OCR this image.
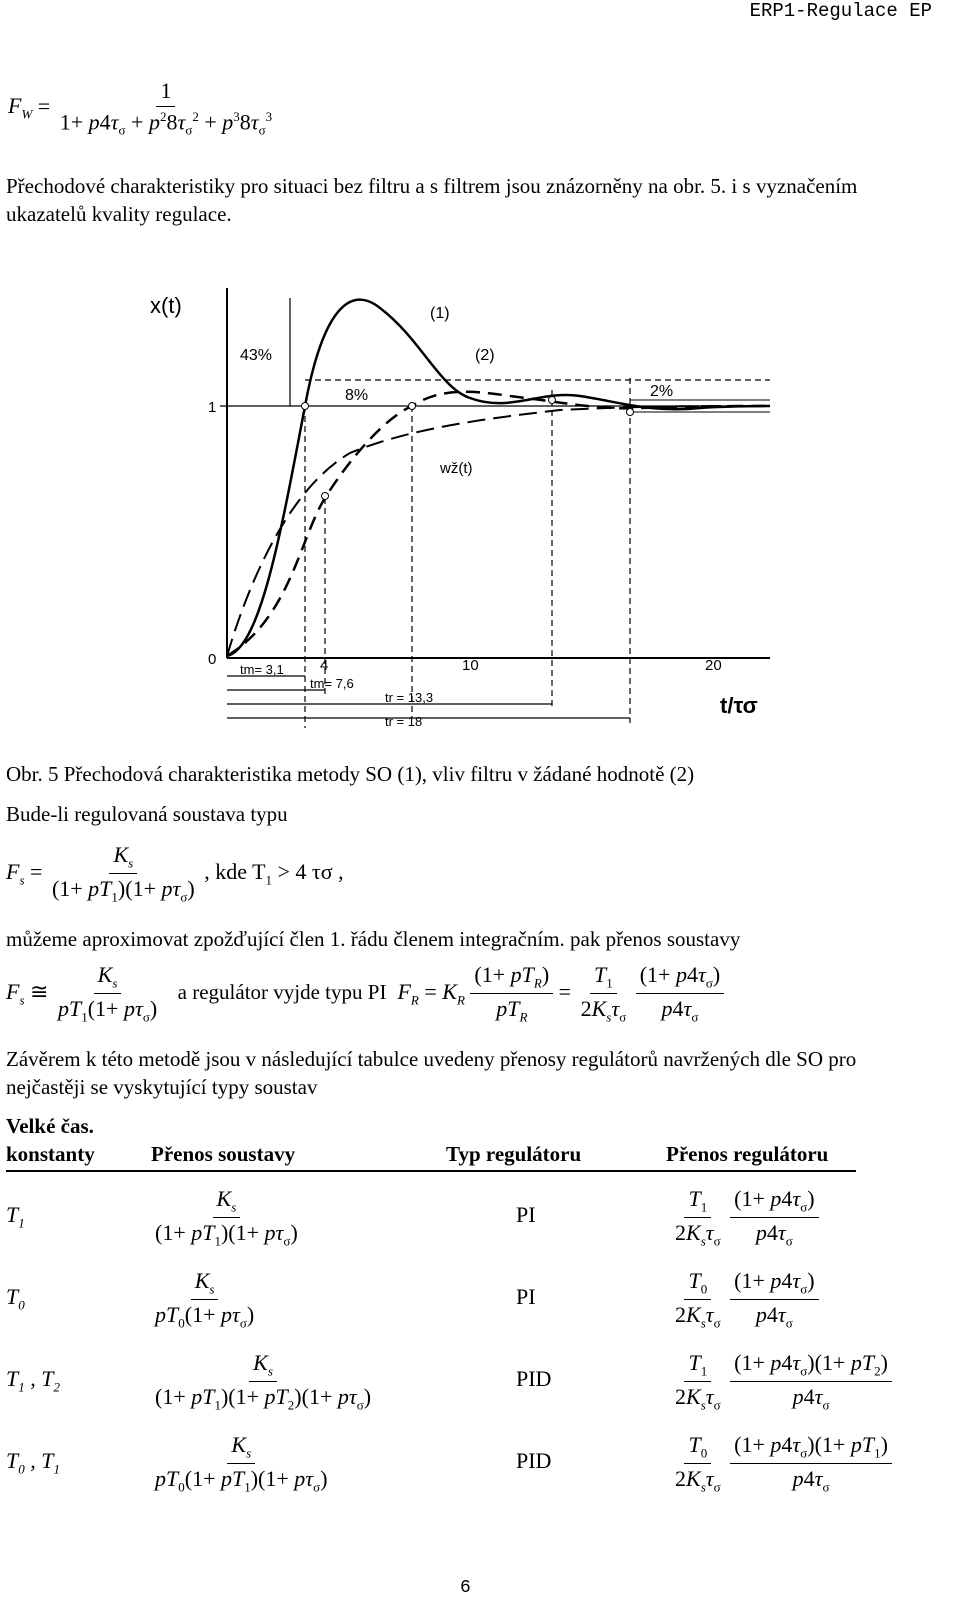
ERP1-Regulace EP
$F_W = \frac{1}{1+ p4\tau_\sigma + p^28\tau_\sigma^2 + p^38\tau_\sigma^3}$
Přechodové charakteristiky pro situaci bez filtru a s filtrem jsou znázorněny na obr. 5. i s vyznačením ukazatelů kvality regulace.
x(t)	(1)
(2)
wž(t)
43%
8%	2%
1
0	4	10	20
tm= 3,1
tm= 7,6
tr = 13,3
tr = 18
t/τσ
Obr. 5 Přechodová charakteristika metody SO (1), vliv filtru v žádané hodnotě (2)
Bude-li regulovaná soustava typu
$F_s = \frac{K_s}{(1+ pT_1)(1+ p\tau_\sigma)}$ , kde $T_1 > 4$ τσ ,
můžeme aproximovat zpožďující člen 1. řádu členem integračním. pak přenos soustavy
$F_s$ ≅ $\frac{K_s}{pT_1(1+ p\tau_\sigma)}$ a regulátor vyjde typu PI $F_R = K_R \frac{(1+ pT_R)}{pT_R} = \frac{T_1}{2K_s\tau_\sigma}$
$\frac{(1+ p4\tau_\sigma)}{p4\tau_\sigma}$
Závěrem k této metodě jsou v následující tabulce uvedeny přenosy regulátorů navržených dle SO pro nejčastěji se vyskytující typy soustav
Velké čas.
konstanty	Přenos soustavy	Typ regulátoru	Přenos regulátoru
$T_1$	$\frac{K_s}{(1+ pT_1)(1+ p\tau_\sigma)}$	PI	$\frac{T_1}{2K_s\tau_\sigma}$
$\frac{(1+ p4\tau_\sigma)}{p4\tau_\sigma}$
$T_0$	$\frac{K_s}{pT_0(1+ p\tau_\sigma)}$	PI	$\frac{T_0}{2K_s\tau_\sigma}$
$\frac{(1+ p4\tau_\sigma)}{p4\tau_\sigma}$
$T_1$ , $T_2$	$\frac{K_s}{(1+ pT_1)(1+ pT_2)(1+ p\tau_\sigma)}$	PID	$\frac{T_1}{2K_s\tau_\sigma}$
$\frac{(1+ p4\tau_\sigma)(1+ pT_2)}{p4\tau_\sigma}$
$T_0$ , $T_1$	$\frac{K_s}{pT_0(1+ pT_1)(1+ p\tau_\sigma)}$	PID	$\frac{T_0}{2K_s\tau_\sigma}$
$\frac{(1+ p4\tau_\sigma)(1+ pT_1)}{p4\tau_\sigma}$
6
